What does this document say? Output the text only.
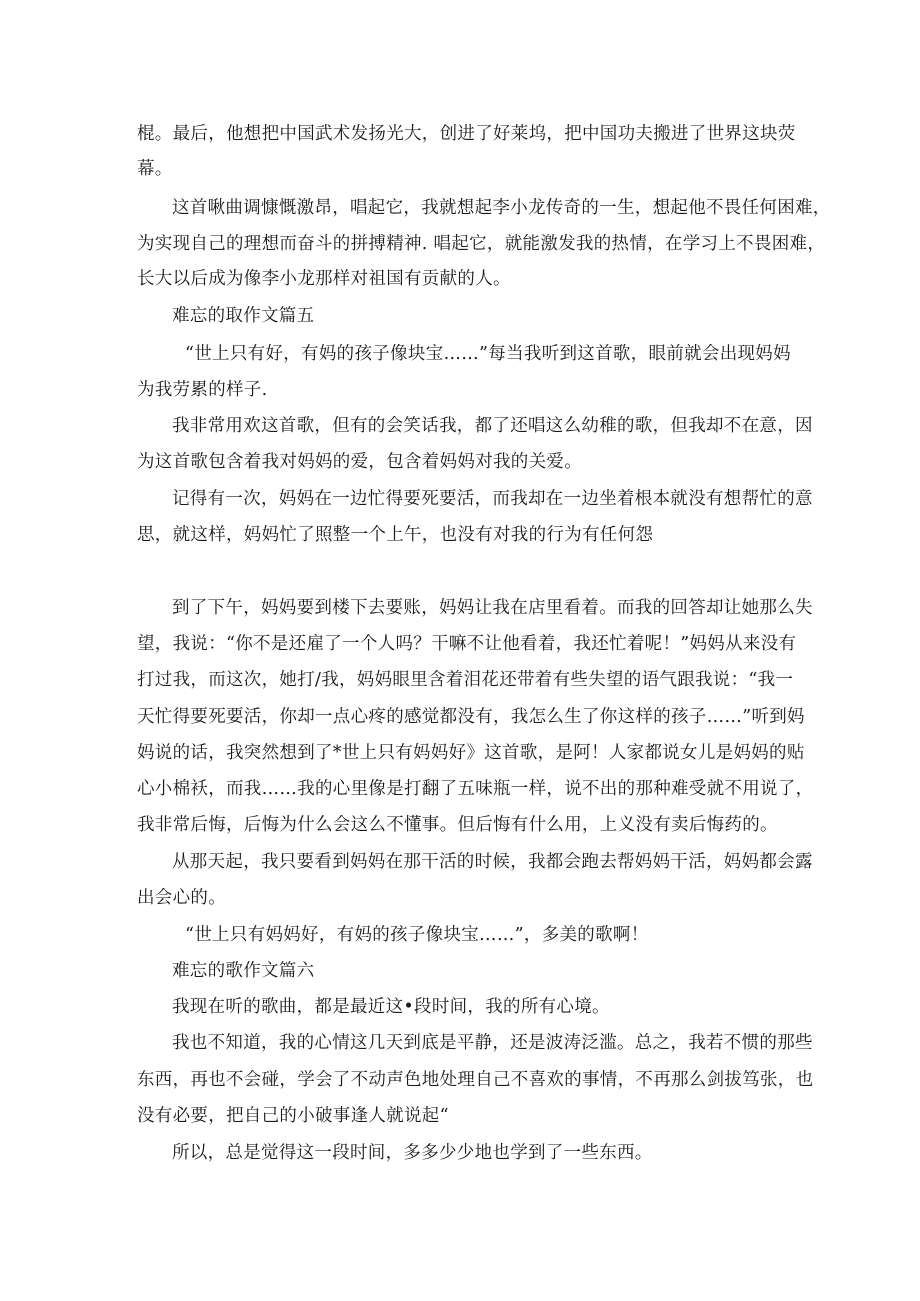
棍。最后，他想把中国武术发扬光大，创进了好莱坞，把中国功夫搬进了世界这块荧
幕。
这首啾曲调慷慨激昂，唱起它，我就想起李小龙传奇的一生，想起他不畏任何困难，
为实现自己的理想而奋斗的拼搏精神. 唱起它，就能激发我的热情，在学习上不畏困难，
长大以后成为像李小龙那样对祖国有贡献的人。
难忘的取作文篇五
“世上只有好，有妈的孩子像块宝……”每当我听到这首歌，眼前就会出现妈妈
为我劳累的样子.
我非常用欢这首歌，但有的会笑话我，都了还唱这么幼稚的歌，但我却不在意，因
为这首歌包含着我对妈妈的爱，包含着妈妈对我的关爱。
记得有一次，妈妈在一边忙得要死要活，而我却在一边坐着根本就没有想帮忙的意
思，就这样，妈妈忙了照整一个上午，也没有对我的行为有任何怨
到了下午，妈妈要到楼下去要账，妈妈让我在店里看着。而我的回答却让她那么失
望，我说：“你不是还雇了一个人吗？干嘛不让他看着，我还忙着呢！”妈妈从来没有
打过我，而这次，她打/我，妈妈眼里含着泪花还带着有些失望的语气跟我说：“我一
天忙得要死要活，你却一点心疼的感觉都没有，我怎么生了你这样的孩子……”听到妈
妈说的话，我突然想到了*世上只有妈妈好》这首歌，是阿！人家都说女儿是妈妈的贴
心小棉袄，而我……我的心里像是打翻了五味瓶一样，说不出的那种难受就不用说了，
我非常后悔，后悔为什么会这么不懂事。但后悔有什么用，上义没有卖后悔药的。
从那天起，我只要看到妈妈在那干活的时候，我都会跑去帮妈妈干活，妈妈都会露
出会心的。
“世上只有妈妈好，有妈的孩子像块宝……”，多美的歌啊！
难忘的歌作文篇六
我现在听的歌曲，都是最近这•段时间，我的所有心境。
我也不知道，我的心情这几天到底是平静，还是波涛泛滥。总之，我若不惯的那些
东西，再也不会碰，学会了不动声色地处理自己不喜欢的事情，不再那么剑拔笃张，也
没有必要，把自己的小破事逢人就说起“
所以，总是觉得这一段时间，多多少少地也学到了一些东西。
